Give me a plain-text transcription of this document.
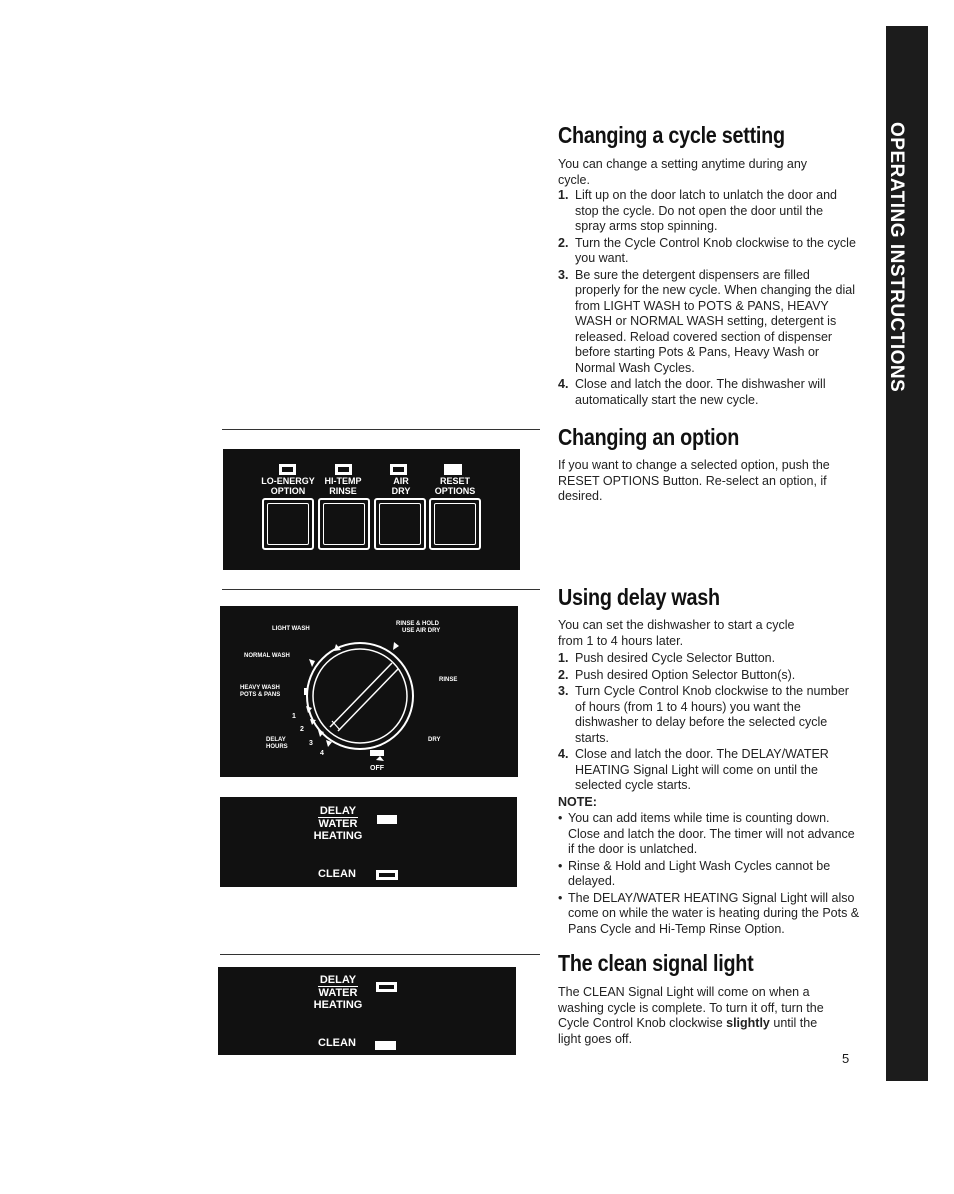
OPERATING INSTRUCTIONS
Changing a cycle setting

You can change a setting anytime during any cycle.

1. Lift up on the door latch to unlatch the door and stop the cycle. Do not open the door until the spray arms stop spinning.
2. Turn the Cycle Control Knob clockwise to the cycle you want.
3. Be sure the detergent dispensers are filled properly for the new cycle. When changing the dial from LIGHT WASH to POTS & PANS, HEAVY WASH or NORMAL WASH setting, detergent is released. Reload covered section of dispenser before starting Pots & Pans, Heavy Wash or Normal Wash Cycles.
4. Close and latch the door. The dishwasher will automatically start the new cycle.
Changing an option
If you want to change a selected option, push the RESET OPTIONS Button. Re-select an option, if desired.
LO-ENERGY
OPTION
HI-TEMP
RINSE
AIR
DRY
RESET
OPTIONS
Using delay wash

You can set the dishwasher to start a cycle from 1 to 4 hours later.

1. Push desired Cycle Selector Button.
2. Push desired Option Selector Button(s).
3. Turn Cycle Control Knob clockwise to the number of hours (from 1 to 4 hours) you want the dishwasher to delay before the selected cycle starts.
4. Close and latch the door. The DELAY/WATER HEATING Signal Light will come on until the selected cycle starts.
NOTE:
• You can add items while time is counting down. Close and latch the door. The timer will not advance if the door is unlatched.
• Rinse & Hold and Light Wash Cycles cannot be delayed.
• The DELAY/WATER HEATING Signal Light will also come on while the water is heating during the Pots & Pans Cycle and Hi-Temp Rinse Option.
LIGHT WASH
RINSE & HOLD
USE AIR DRY
NORMAL WASH
HEAVY WASH
POTS & PANS
1
2
3
4
DELAY
HOURS
RINSE
DRY
OFF
DELAY
WATER
HEATING
CLEAN
The clean signal light
The CLEAN Signal Light will come on when a washing cycle is complete. To turn it off, turn the Cycle Control Knob clockwise slightly until the light goes off.
DELAY
WATER
HEATING
CLEAN
5
